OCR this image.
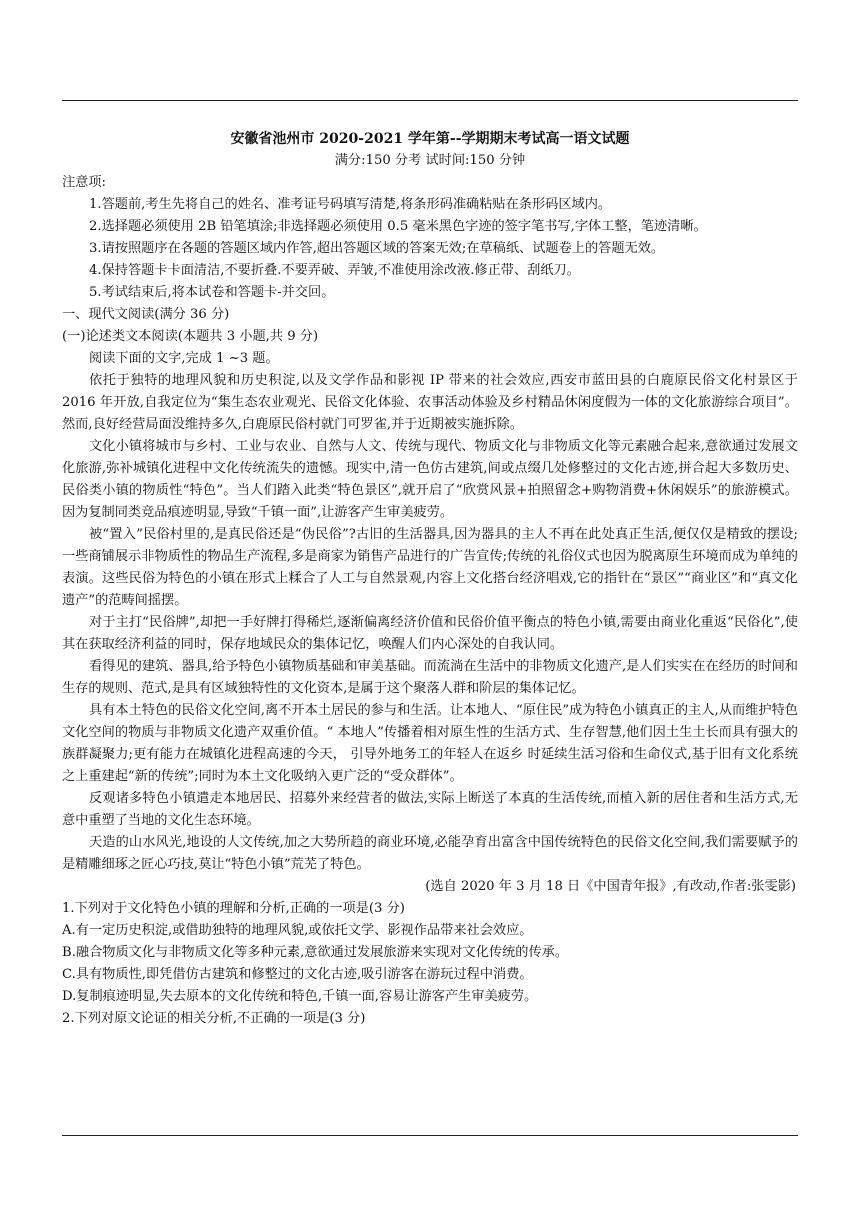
安徽省池州市 2020-2021 学年第--学期期末考试高一语文试题
满分:150 分考 试时间:150 分钟
注意项:
1.答题前,考生先将自己的姓名、准考证号码填写清楚,将条形码准确粘贴在条形码区域内。
2.选择题必须使用 2B 铅笔填涂;非选择题必须使用 0.5 毫米黑色字迹的签字笔书写,字体工整，笔迹清晰。
3.请按照题序在各题的答题区域内作答,超出答题区域的答案无效;在草稿纸、试题卷上的答题无效。
4.保持答题卡卡面清洁,不要折叠.不要弄破、弄皱,不准使用涂改液.修正带、刮纸刀。
5.考试结束后,将本试卷和答题卡-并交回。
一、现代文阅读(满分 36 分)
(一)论述类文本阅读(本题共 3 小题,共 9 分)
阅读下面的文字,完成 1 ~3 题。
依托于独特的地理风貌和历史积淀,以及文学作品和影视 IP 带来的社会效应,西安市蓝田县的白鹿原民俗文化村景区于 2016 年开放,自我定位为“集生态农业观光、民俗文化体验、农事活动体验及乡村精品休闲度假为一体的文化旅游综合项目”。然而,良好经营局面没维持多久,白鹿原民俗村就门可罗雀,并于近期被实施拆除。
文化小镇将城市与乡村、工业与农业、自然与人文、传统与现代、物质文化与非物质文化等元素融合起来,意欲通过发展文化旅游,弥补城镇化进程中文化传统流失的遗憾。现实中,清一色仿古建筑,间或点缀几处修整过的文化古迹,拼合起大多数历史、民俗类小镇的物质性“特色”。当人们踏入此类“特色景区”,就开启了“欣赏风景+拍照留念+购物消费+休闲娱乐”的旅游模式。因为复制同类竞品痕迹明显,导致“千镇一面”,让游客产生审美疲劳。
被“置入”民俗村里的,是真民俗还是“伪民俗”?古旧的生活器具,因为器具的主人不再在此处真正生活,便仅仅是精致的摆设;一些商铺展示非物质性的物品生产流程,多是商家为销售产品进行的广告宣传;传统的礼俗仪式也因为脱离原生环境而成为单纯的表演。这些民俗为特色的小镇在形式上糅合了人工与自然景观,内容上文化搭台经济唱戏,它的指针在“景区”“商业区”和“真文化遗产”的范畴间摇摆。
对于主打“民俗牌”,却把一手好牌打得稀烂,逐渐偏离经济价值和民俗价值平衡点的特色小镇,需要由商业化重返“民俗化”,使其在获取经济利益的同时，保存地域民众的集体记忆，唤醒人们内心深处的自我认同。
看得见的建筑、器具,给予特色小镇物质基础和审美基础。而流淌在生活中的非物质文化遗产,是人们实实在在经历的时间和生存的规则、范式,是具有区域独特性的文化资本,是属于这个聚落人群和阶层的集体记忆。
具有本土特色的民俗文化空间,离不开本土居民的参与和生活。让本地人、“原住民”成为特色小镇真正的主人,从而维护特色文化空间的物质与非物质文化遗产双重价值。“ 本地人”传播着相对原生性的生活方式、生存智慧,他们因土生土长而具有强大的族群凝聚力;更有能力在城镇化进程高速的今天， 引导外地务工的年轻人在返乡 时延续生活习俗和生命仪式,基于旧有文化系统之上重建起“新的传统”;同时为本土文化吸纳入更广泛的“受众群体”。
反观诸多特色小镇遣走本地居民、招募外来经营者的做法,实际上断送了本真的生活传统,而植入新的居住者和生活方式,无意中重塑了当地的文化生态环境。
天造的山水风光,地设的人文传统,加之大势所趋的商业环境,必能孕育出富含中国传统特色的民俗文化空间,我们需要赋予的是精雕细琢之匠心巧技,莫让“特色小镇”荒芜了特色。
(选自 2020 年 3 月 18 日《中国青年报》,有改动,作者:张雯影)
1.下列对于文化特色小镇的理解和分析,正确的一项是(3 分)
A.有一定历史积淀,或借助独特的地理风貌,或依托文学、影视作品带来社会效应。
B.融合物质文化与非物质文化等多种元素,意欲通过发展旅游来实现对文化传统的传承。
C.具有物质性,即凭借仿古建筑和修整过的文化古迹,吸引游客在游玩过程中消费。
D.复制痕迹明显,失去原本的文化传统和特色,千镇一面,容易让游客产生审美疲劳。
2.下列对原文论证的相关分析,不正确的一项是(3 分)
